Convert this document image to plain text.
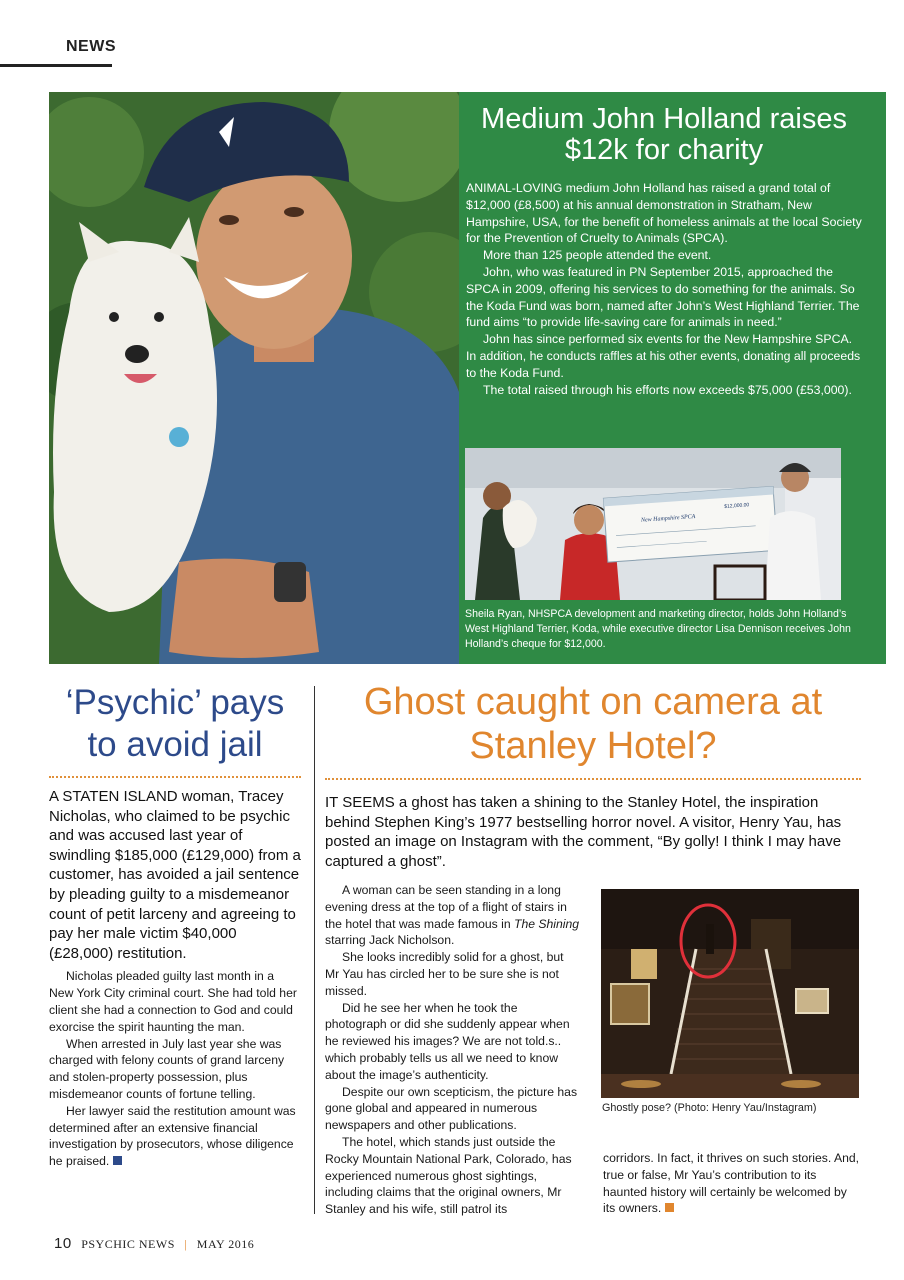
NEWS
Medium John Holland raises $12k for charity

ANIMAL-LOVING medium John Holland has raised a grand total of $12,000 (£8,500) at his annual demonstration in Stratham, New Hampshire, USA, for the benefit of homeless animals at the local Society for the Prevention of Cruelty to Animals (SPCA).

More than 125 people attended the event.

John, who was featured in PN September 2015, approached the SPCA in 2009, offering his services to do something for the animals. So the Koda Fund was born, named after John’s West Highland Terrier. The fund aims “to provide life-saving care for animals in need.”

John has since performed six events for the New Hampshire SPCA. In addition, he conducts raffles at his other events, donating all proceeds to the Koda Fund.

The total raised through his efforts now exceeds $75,000 (£53,000).

New Hampshire SPCA
$12,000.00
Sheila Ryan, NHSPCA development and marketing director, holds John Holland’s West Highland Terrier, Koda, while executive director Lisa Dennison receives John Holland’s cheque for $12,000.
‘Psychic’ pays to avoid jail

A STATEN ISLAND woman, Tracey Nicholas, who claimed to be psychic and was accused last year of swindling $185,000 (£129,000) from a customer, has avoided a jail sentence by pleading guilty to a misdemeanor count of petit larceny and agreeing to pay her male victim $40,000 (£28,000) restitution.

Nicholas pleaded guilty last month in a New York City criminal court. She had told her client she had a connection to God and could exorcise the spirit haunting the man.

When arrested in July last year she was charged with felony counts of grand larceny and stolen-property possession, plus misdemeanor counts of fortune telling.

Her lawyer said the restitution amount was determined after an extensive financial investigation by prosecutors, whose diligence he praised.

Ghost caught on camera at Stanley Hotel?

IT SEEMS a ghost has taken a shining to the Stanley Hotel, the inspiration behind Stephen King’s 1977 bestselling horror novel. A visitor, Henry Yau, has posted an image on Instagram with the comment, “By golly! I think I may have captured a ghost”.

A woman can be seen standing in a long evening dress at the top of a flight of stairs in the hotel that was made famous in The Shining starring Jack Nicholson.

She looks incredibly solid for a ghost, but Mr Yau has circled her to be sure she is not missed.

Did he see her when he took the photograph or did she suddenly appear when he reviewed his images? We are not told.s.. which probably tells us all we need to know about the image’s authenticity.

Despite our own scepticism, the picture has gone global and appeared in numerous newspapers and other publications.

The hotel, which stands just outside the Rocky Mountain National Park, Colorado, has experienced numerous ghost sightings, including claims that the original owners, Mr Stanley and his wife, still patrol its

Ghostly pose? (Photo: Henry Yau/Instagram)

corridors. In fact, it thrives on such stories. And, true or false, Mr Yau’s contribution to its haunted history will certainly be welcomed by its owners.

10 PSYCHIC NEWS | MAY 2016
